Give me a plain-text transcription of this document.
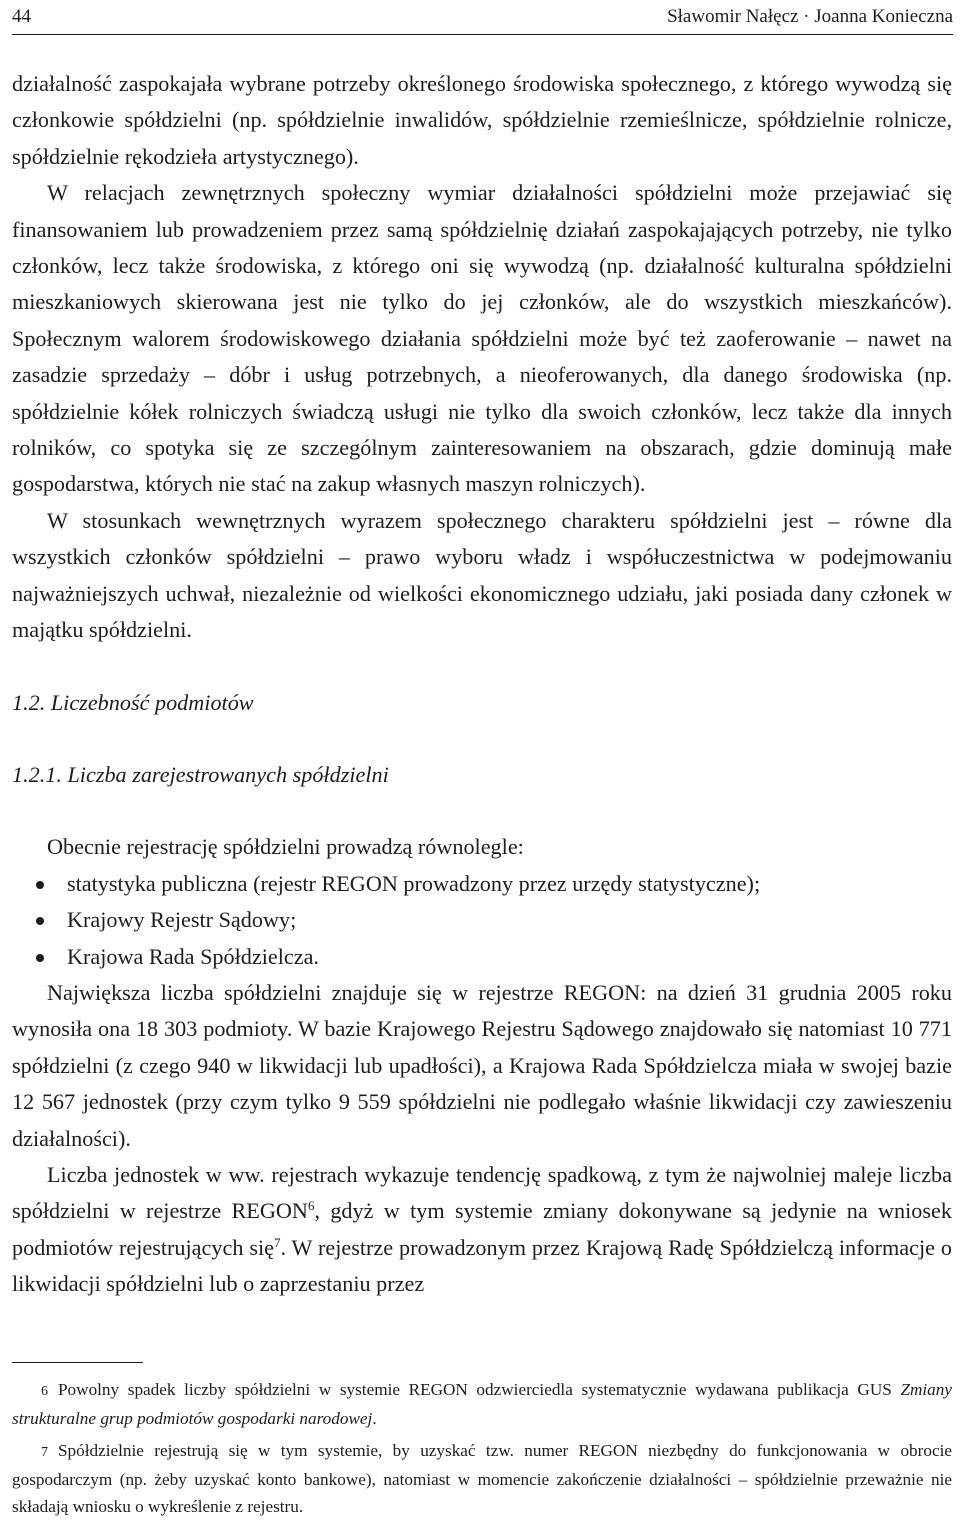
44	Sławomir Nałęcz · Joanna Konieczna

działalność zaspokajała wybrane potrzeby określonego środowiska społecznego, z którego wywodzą się członkowie spółdzielni (np. spółdzielnie inwalidów, spółdzielnie rzemieślnicze, spółdzielnie rolnicze, spółdzielnie rękodzieła artystycznego).

W relacjach zewnętrznych społeczny wymiar działalności spółdzielni może przejawiać się finansowaniem lub prowadzeniem przez samą spółdzielnię działań zaspokajających potrzeby, nie tylko członków, lecz także środowiska, z którego oni się wywodzą (np. działalność kulturalna spółdzielni mieszkaniowych skierowana jest nie tylko do jej członków, ale do wszystkich mieszkańców). Społecznym walorem środowiskowego działania spółdzielni może być też zaoferowanie – nawet na zasadzie sprzedaży – dóbr i usług potrzebnych, a nieoferowanych, dla danego środowiska (np. spółdzielnie kółek rolniczych świadczą usługi nie tylko dla swoich członków, lecz także dla innych rolników, co spotyka się ze szczególnym zainteresowaniem na obszarach, gdzie dominują małe gospodarstwa, których nie stać na zakup własnych maszyn rolniczych).

W stosunkach wewnętrznych wyrazem społecznego charakteru spółdzielni jest – równe dla wszystkich członków spółdzielni – prawo wyboru władz i współuczestnictwa w podejmowaniu najważniejszych uchwał, niezależnie od wielkości ekonomicznego udziału, jaki posiada dany członek w majątku spółdzielni.

1.2. Liczebność podmiotów

1.2.1. Liczba zarejestrowanych spółdzielni

Obecnie rejestrację spółdzielni prowadzą równolegle:

statystyka publiczna (rejestr REGON prowadzony przez urzędy statystyczne);
Krajowy Rejestr Sądowy;
Krajowa Rada Spółdzielcza.

Największa liczba spółdzielni znajduje się w rejestrze REGON: na dzień 31 grudnia 2005 roku wynosiła ona 18 303 podmioty. W bazie Krajowego Rejestru Sądowego znajdowało się natomiast 10 771 spółdzielni (z czego 940 w likwidacji lub upadłości), a Krajowa Rada Spółdzielcza miała w swojej bazie 12 567 jednostek (przy czym tylko 9 559 spółdzielni nie podlegało właśnie likwidacji czy zawieszeniu działalności).

Liczba jednostek w ww. rejestrach wykazuje tendencję spadkową, z tym że najwolniej maleje liczba spółdzielni w rejestrze REGON$^6$, gdyż w tym systemie zmiany dokonywane są jedynie na wniosek podmiotów rejestrujących się$^7$. W rejestrze prowadzonym przez Krajową Radę Spółdzielczą informacje o likwidacji spółdzielni lub o zaprzestaniu przez

6 Powolny spadek liczby spółdzielni w systemie REGON odzwierciedla systematycznie wydawana publikacja GUS Zmiany strukturalne grup podmiotów gospodarki narodowej.

7 Spółdzielnie rejestrują się w tym systemie, by uzyskać tzw. numer REGON niezbędny do funkcjonowania w obrocie gospodarczym (np. żeby uzyskać konto bankowe), natomiast w momencie zakończenie działalności – spółdzielnie przeważnie nie składają wniosku o wykreślenie z rejestru.
